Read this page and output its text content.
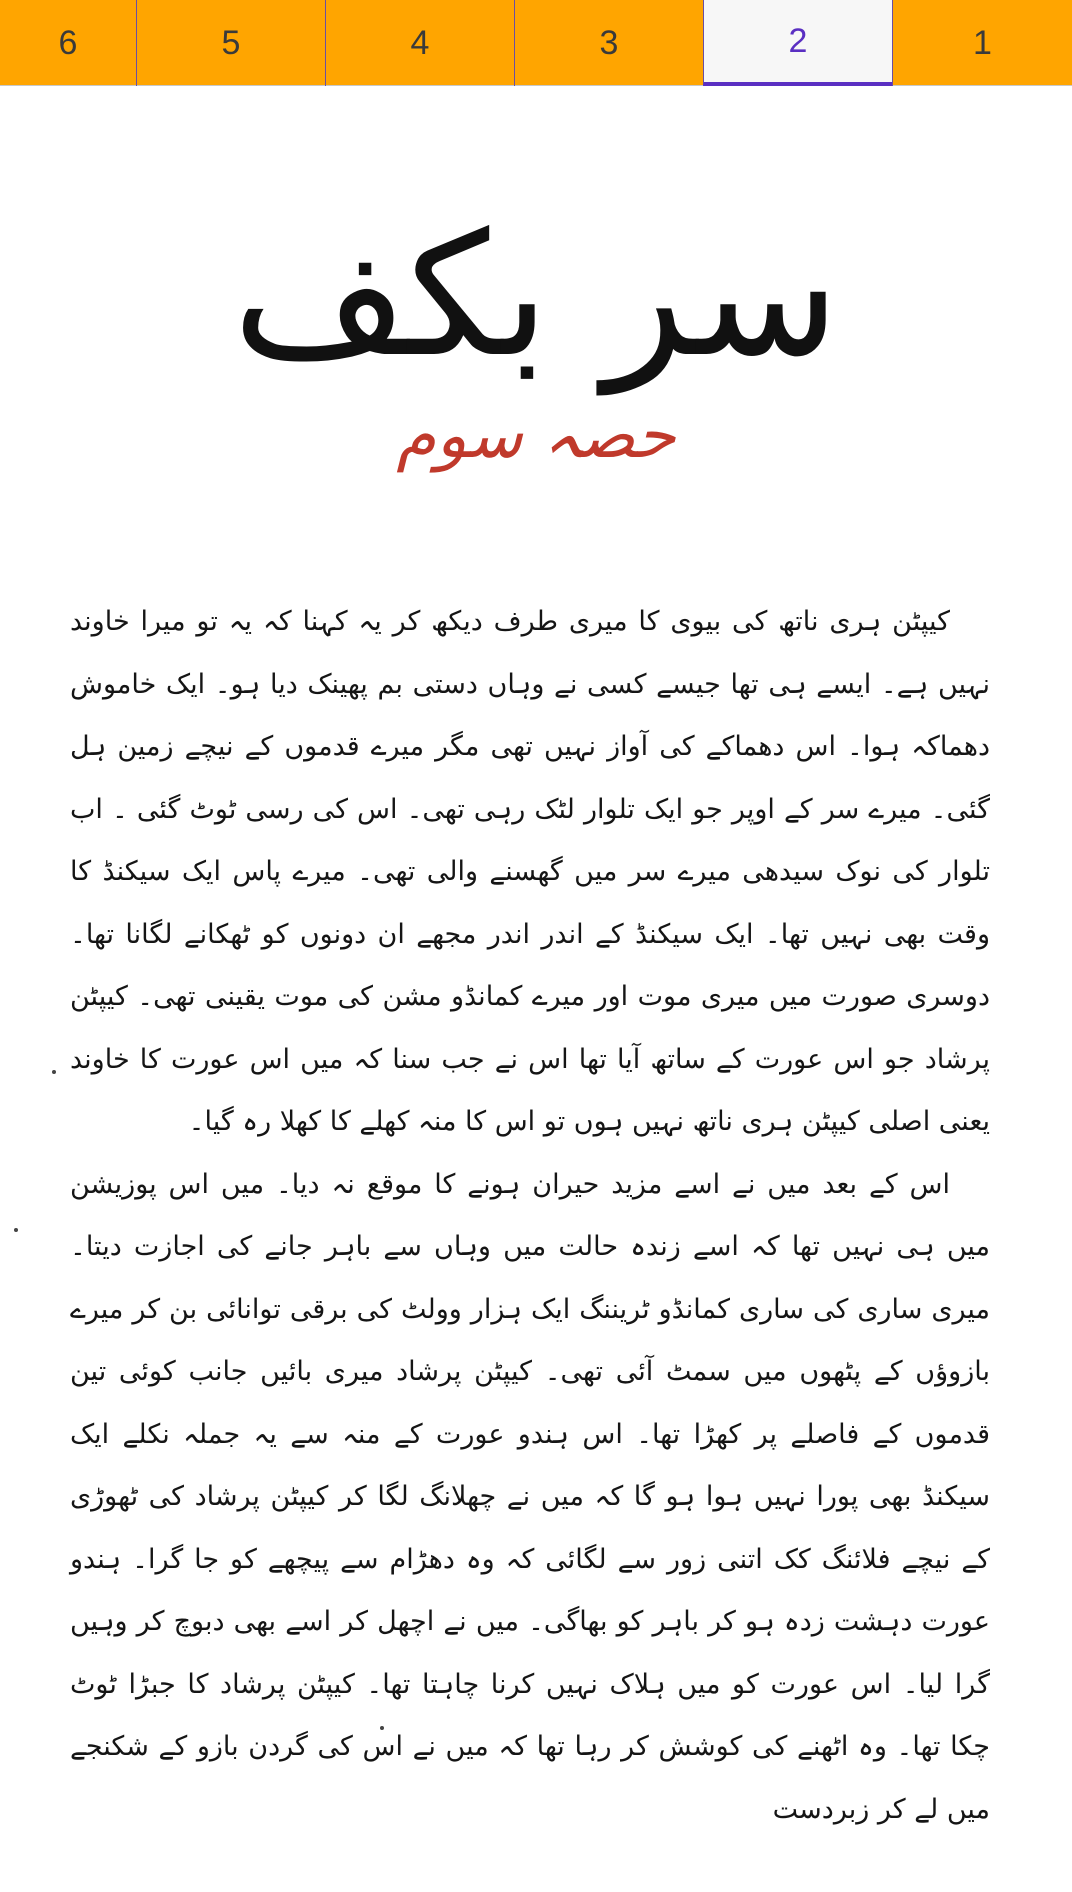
6	5	4	3	2	1
سر بکف
حصہ سوم

کیپٹن ہری ناتھ کی بیوی کا میری طرف دیکھ کر یہ کہنا کہ یہ تو میرا خاوند نہیں ہے۔ ایسے ہی تھا جیسے کسی نے وہاں دستی بم پھینک دیا ہو۔ ایک خاموش دھماکہ ہوا۔ اس دھماکے کی آواز نہیں تھی مگر میرے قدموں کے نیچے زمین ہل گئی۔ میرے سر کے اوپر جو ایک تلوار لٹک رہی تھی۔ اس کی رسی ٹوٹ گئی ۔ اب تلوار کی نوک سیدھی میرے سر میں گھسنے والی تھی۔ میرے پاس ایک سیکنڈ کا وقت بھی نہیں تھا۔ ایک سیکنڈ کے اندر اندر مجھے ان دونوں کو ٹھکانے لگانا تھا۔ دوسری صورت میں میری موت اور میرے کمانڈو مشن کی موت یقینی تھی۔ کیپٹن پرشاد جو اس عورت کے ساتھ آیا تھا اس نے جب سنا کہ میں اس عورت کا خاوند یعنی اصلی کیپٹن ہری ناتھ نہیں ہوں تو اس کا منہ کھلے کا کھلا رہ گیا۔

اس کے بعد میں نے اسے مزید حیران ہونے کا موقع نہ دیا۔ میں اس پوزیشن میں ہی نہیں تھا کہ اسے زندہ حالت میں وہاں سے باہر جانے کی اجازت دیتا۔ میری ساری کی ساری کمانڈو ٹریننگ ایک ہزار وولٹ کی برقی توانائی بن کر میرے بازوؤں کے پٹھوں میں سمٹ آئی تھی۔ کیپٹن پرشاد میری بائیں جانب کوئی تین قدموں کے فاصلے پر کھڑا تھا۔ اس ہندو عورت کے منہ سے یہ جملہ نکلے ایک سیکنڈ بھی پورا نہیں ہوا ہو گا کہ میں نے چھلانگ لگا کر کیپٹن پرشاد کی ٹھوڑی کے نیچے فلائنگ کک اتنی زور سے لگائی کہ وہ دھڑام سے پیچھے کو جا گرا۔ ہندو عورت دہشت زدہ ہو کر باہر کو بھاگی۔ میں نے اچھل کر اسے بھی دبوچ کر وہیں گرا لیا۔ اس عورت کو میں ہلاک نہیں کرنا چاہتا تھا۔ کیپٹن پرشاد کا جبڑا ٹوٹ چکا تھا۔ وہ اٹھنے کی کوشش کر رہا تھا کہ میں نے اس کی گردن بازو کے شکنجے میں لے کر زبردست
